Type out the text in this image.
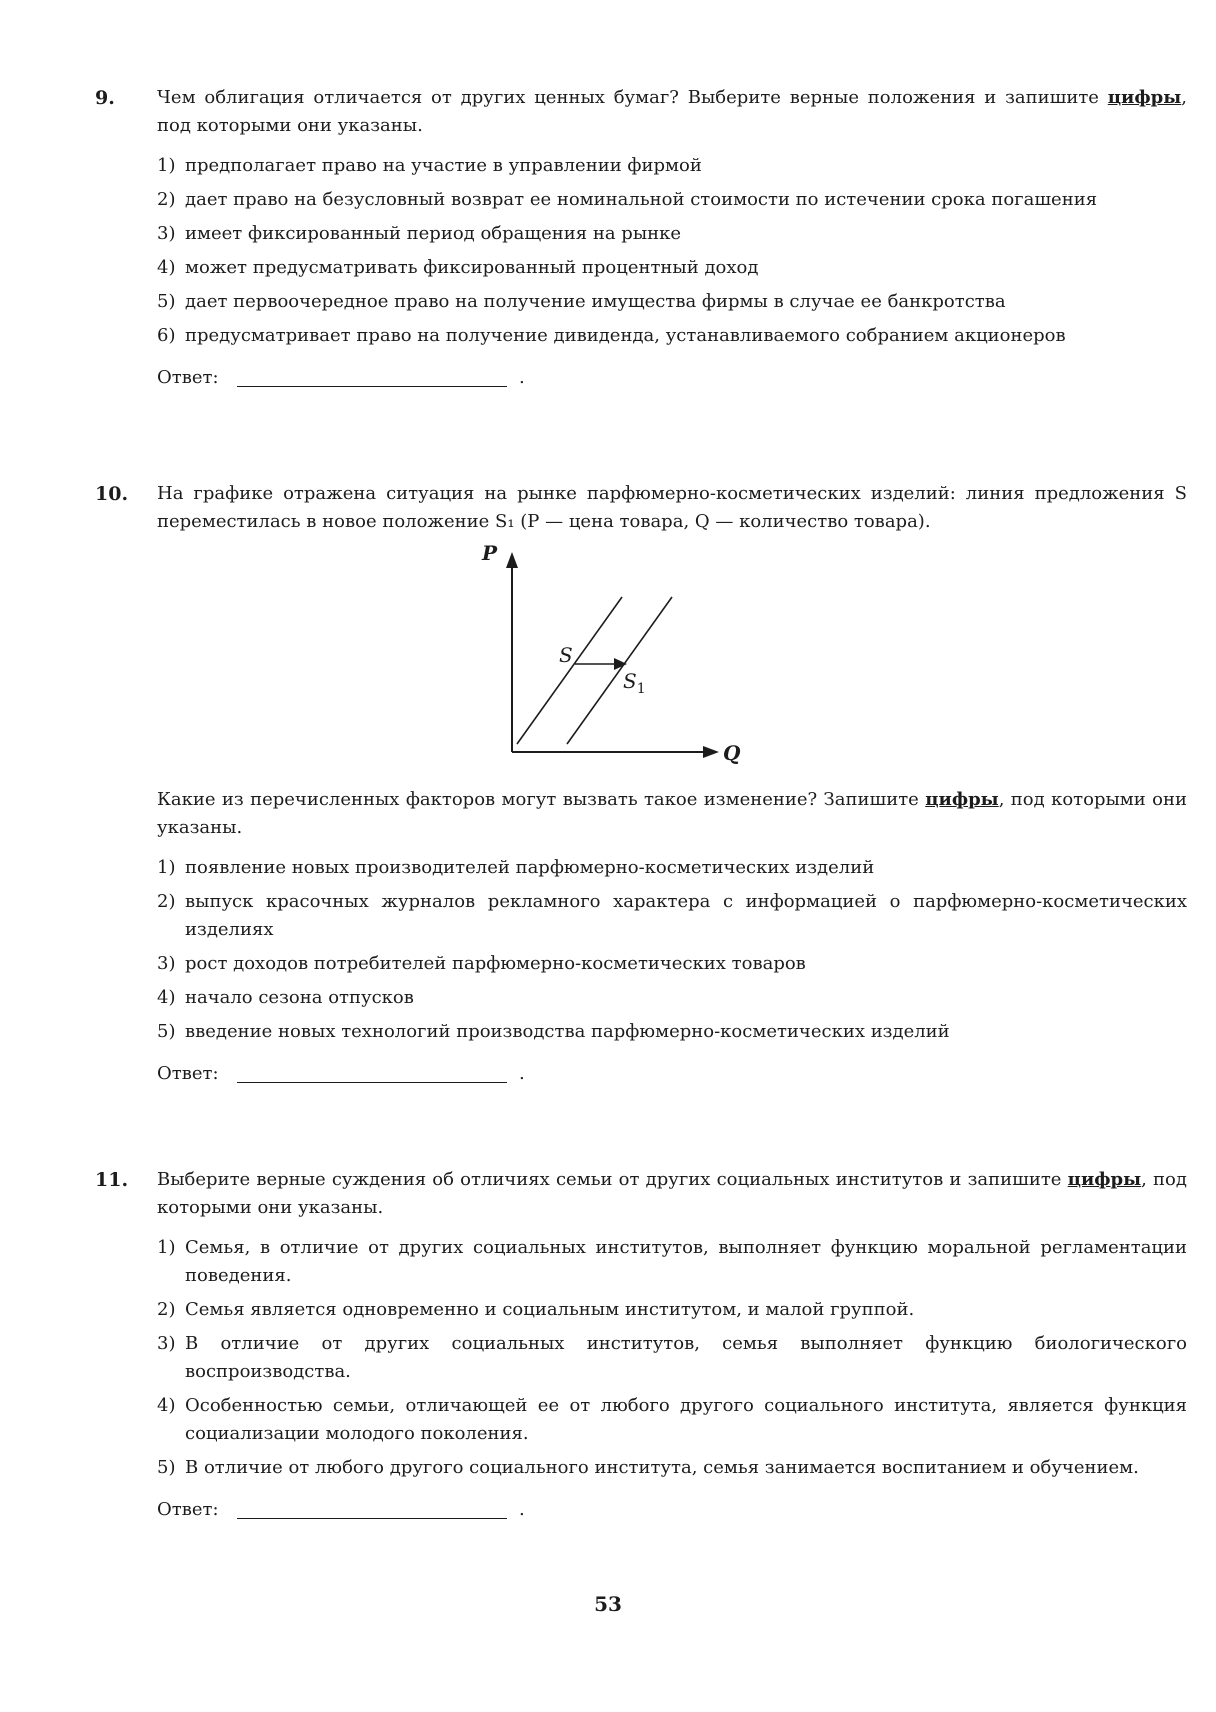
9. Чем облигация отличается от других ценных бумаг? Выберите верные положения и запишите цифры, под которыми они указаны.

1) предполагает право на участие в управлении фирмой
2) дает право на безусловный возврат ее номинальной стоимости по истечении срока погашения
3) имеет фиксированный период обращения на рынке
4) может предусматривать фиксированный процентный доход
5) дает первоочередное право на получение имущества фирмы в случае ее банкротства
6) предусматривает право на получение дивиденда, устанавливаемого собранием акционеров
Ответ:	.
10. На графике отражена ситуация на рынке парфюмерно-косметических изделий: линия предложения S переместилась в новое положение S₁ (P — цена товара, Q — количество товара).

P
Q
S
$S_1$

Какие из перечисленных факторов могут вызвать такое изменение? Запишите цифры, под которыми они указаны.

1) появление новых производителей парфюмерно-косметических изделий
2) выпуск красочных журналов рекламного характера с информацией о парфюмерно-косметических изделиях
3) рост доходов потребителей парфюмерно-косметических товаров
4) начало сезона отпусков
5) введение новых технологий производства парфюмерно-косметических изделий
Ответ:	.
11. Выберите верные суждения об отличиях семьи от других социальных институтов и запишите цифры, под которыми они указаны.

1) Семья, в отличие от других социальных институтов, выполняет функцию моральной регламентации поведения.
2) Семья является одновременно и социальным институтом, и малой группой.
3) В отличие от других социальных институтов, семья выполняет функцию биологического воспроизводства.
4) Особенностью семьи, отличающей ее от любого другого социального института, является функция социализации молодого поколения.
5) В отличие от любого другого социального института, семья занимается воспитанием и обучением.
Ответ:	.
53
